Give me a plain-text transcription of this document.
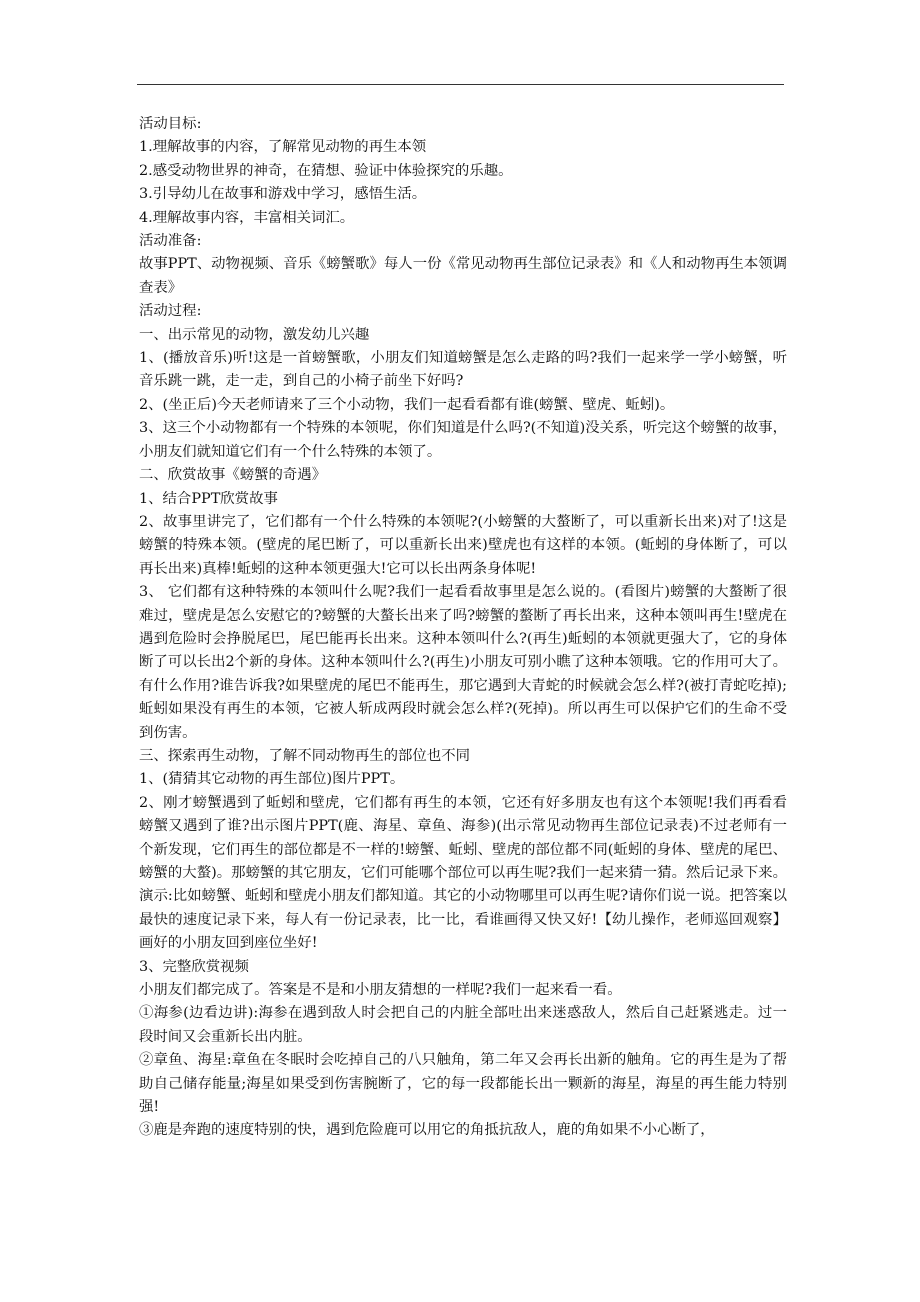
活动目标:

1.理解故事的内容，了解常见动物的再生本领

2.感受动物世界的神奇，在猜想、验证中体验探究的乐趣。

3.引导幼儿在故事和游戏中学习，感悟生活。

4.理解故事内容，丰富相关词汇。

活动准备:

故事PPT、动物视频、音乐《螃蟹歌》每人一份《常见动物再生部位记录表》和《人和动物再生本领调查表》

活动过程:

一、出示常见的动物，激发幼儿兴趣

1、(播放音乐)听!这是一首螃蟹歌，小朋友们知道螃蟹是怎么走路的吗?我们一起来学一学小螃蟹，听音乐跳一跳，走一走，到自己的小椅子前坐下好吗?

2、(坐正后)今天老师请来了三个小动物，我们一起看看都有谁(螃蟹、壁虎、蚯蚓)。

3、这三个小动物都有一个特殊的本领呢，你们知道是什么吗?(不知道)没关系，听完这个螃蟹的故事，小朋友们就知道它们有一个什么特殊的本领了。

二、欣赏故事《螃蟹的奇遇》

1、结合PPT欣赏故事

2、故事里讲完了，它们都有一个什么特殊的本领呢?(小螃蟹的大螯断了，可以重新长出来)对了!这是螃蟹的特殊本领。(壁虎的尾巴断了，可以重新长出来)壁虎也有这样的本领。(蚯蚓的身体断了，可以再长出来)真棒!蚯蚓的这种本领更强大!它可以长出两条身体呢!

3、 它们都有这种特殊的本领叫什么呢?我们一起看看故事里是怎么说的。(看图片)螃蟹的大螯断了很难过，壁虎是怎么安慰它的?螃蟹的大螯长出来了吗?螃蟹的螯断了再长出来，这种本领叫再生!壁虎在遇到危险时会挣脱尾巴，尾巴能再长出来。这种本领叫什么?(再生)蚯蚓的本领就更强大了，它的身体断了可以长出2个新的身体。这种本领叫什么?(再生)小朋友可别小瞧了这种本领哦。它的作用可大了。有什么作用?谁告诉我?如果壁虎的尾巴不能再生，那它遇到大青蛇的时候就会怎么样?(被打青蛇吃掉);蚯蚓如果没有再生的本领，它被人斩成两段时就会怎么样?(死掉)。所以再生可以保护它们的生命不受到伤害。

三、探索再生动物，了解不同动物再生的部位也不同

1、(猜猜其它动物的再生部位)图片PPT。

2、刚才螃蟹遇到了蚯蚓和壁虎，它们都有再生的本领，它还有好多朋友也有这个本领呢!我们再看看螃蟹又遇到了谁?出示图片PPT(鹿、海星、章鱼、海参)(出示常见动物再生部位记录表)不过老师有一个新发现，它们再生的部位都是不一样的!螃蟹、蚯蚓、壁虎的部位都不同(蚯蚓的身体、壁虎的尾巴、螃蟹的大螯)。那螃蟹的其它朋友，它们可能哪个部位可以再生呢?我们一起来猜一猜。然后记录下来。演示:比如螃蟹、蚯蚓和壁虎小朋友们都知道。其它的小动物哪里可以再生呢?请你们说一说。把答案以最快的速度记录下来，每人有一份记录表，比一比，看谁画得又快又好!【幼儿操作，老师巡回观察】画好的小朋友回到座位坐好!

3、完整欣赏视频

小朋友们都完成了。答案是不是和小朋友猜想的一样呢?我们一起来看一看。

①海参(边看边讲):海参在遇到敌人时会把自己的内脏全部吐出来迷惑敌人，然后自己赶紧逃走。过一段时间又会重新长出内脏。

②章鱼、海星:章鱼在冬眠时会吃掉自己的八只触角，第二年又会再长出新的触角。它的再生是为了帮助自己储存能量;海星如果受到伤害腕断了，它的每一段都能长出一颗新的海星，海星的再生能力特别强!

③鹿是奔跑的速度特别的快，遇到危险鹿可以用它的角抵抗敌人，鹿的角如果不小心断了，
